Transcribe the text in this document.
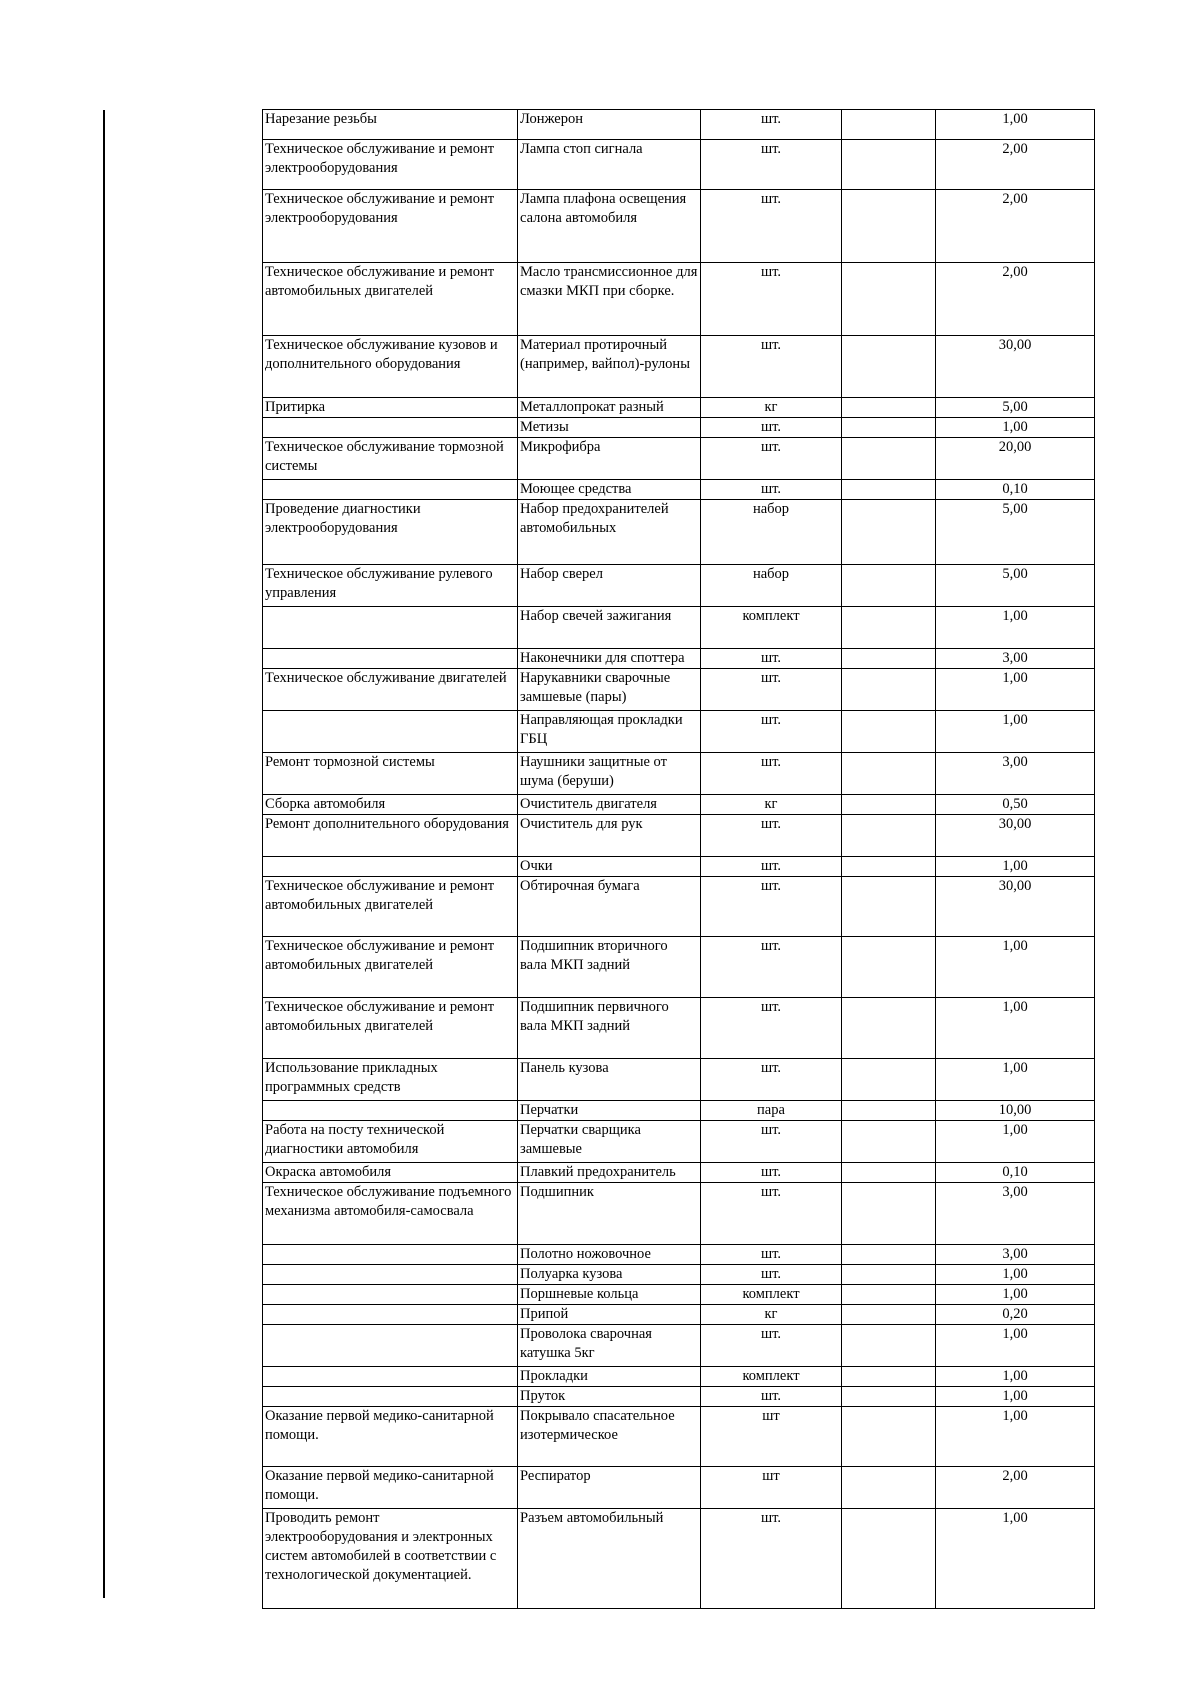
Нарезание резьбы	Лонжерон	шт.		1,00
Техническое обслуживание и ремонт электрооборудования	Лампа стоп сигнала	шт.		2,00
Техническое обслуживание и ремонт электрооборудования	Лампа плафона освещения салона автомобиля	шт.		2,00
Техническое обслуживание и ремонт автомобильных двигателей	Масло трансмиссионное для смазки МКП при сборке.	шт.		2,00
Техническое обслуживание кузовов и дополнительного оборудования	Материал протирочный (например, вайпол)-рулоны	шт.		30,00
Притирка	Металлопрокат разный	кг		5,00
	Метизы	шт.		1,00
Техническое обслуживание тормозной системы	Микрофибра	шт.		20,00
	Моющее средства	шт.		0,10
Проведение диагностики электрооборудования	Набор предохранителей автомобильных	набор		5,00
Техническое обслуживание рулевого управления	Набор сверел	набор		5,00
	Набор свечей зажигания	комплект		1,00
	Наконечники для споттера	шт.		3,00
Техническое обслуживание двигателей	Нарукавники сварочные замшевые (пары)	шт.		1,00
	Направляющая прокладки ГБЦ	шт.		1,00
Ремонт тормозной системы	Наушники защитные от шума (беруши)	шт.		3,00
Сборка автомобиля	Очиститель двигателя	кг		0,50
Ремонт дополнительного оборудования	Очиститель для рук	шт.		30,00
	Очки	шт.		1,00
Техническое обслуживание и ремонт автомобильных двигателей	Обтирочная бумага	шт.		30,00
Техническое обслуживание и ремонт автомобильных двигателей	Подшипник вторичного вала МКП задний	шт.		1,00
Техническое обслуживание и ремонт автомобильных двигателей	Подшипник первичного вала МКП задний	шт.		1,00
Использование прикладных программных средств	Панель кузова	шт.		1,00
	Перчатки	пара		10,00
Работа на посту технической диагностики автомобиля	Перчатки сварщика замшевые	шт.		1,00
Окраска автомобиля	Плавкий предохранитель	шт.		0,10
Техническое обслуживание подъемного механизма автомобиля-самосвала	Подшипник	шт.		3,00
	Полотно ножовочное	шт.		3,00
	Полуарка кузова	шт.		1,00
	Поршневые кольца	комплект		1,00
	Припой	кг		0,20
	Проволока сварочная катушка 5кг	шт.		1,00
	Прокладки	комплект		1,00
	Пруток	шт.		1,00
Оказание первой медико-санитарной помощи.	Покрывало спасательное изотермическое	шт		1,00
Оказание первой медико-санитарной помощи.	Респиратор	шт		2,00
Проводить ремонт электрооборудования и электронных систем автомобилей в соответствии с технологической документацией.	Разъем автомобильный	шт.		1,00
